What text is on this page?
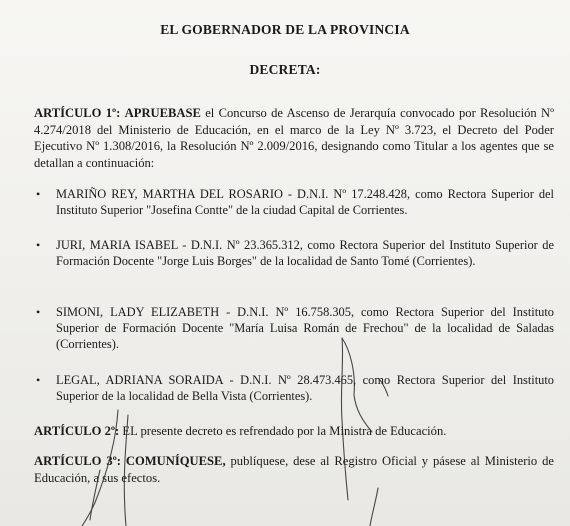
EL GOBERNADOR DE LA PROVINCIA
DECRETA:
ARTÍCULO 1º: APRUEBASE el Concurso de Ascenso de Jerarquía convocado por Resolución Nº 4.274/2018 del Ministerio de Educación, en el marco de la Ley Nº 3.723, el Decreto del Poder Ejecutivo Nº 1.308/2016, la Resolución Nº 2.009/2016, designando como Titular a los agentes que se detallan a continuación:
• MARIÑO REY, MARTHA DEL ROSARIO - D.N.I. Nº 17.248.428, como Rectora Superior del Instituto Superior "Josefina Contte" de la ciudad Capital de Corrientes.
• JURI, MARIA ISABEL - D.N.I. Nº 23.365.312, como Rectora Superior del Instituto Superior de Formación Docente "Jorge Luis Borges" de la localidad de Santo Tomé (Corrientes).
• SIMONI, LADY ELIZABETH - D.N.I. Nº 16.758.305, como Rectora Superior del Instituto Superior de Formación Docente "María Luisa Román de Frechou" de la localidad de Saladas (Corrientes).
• LEGAL, ADRIANA SORAIDA - D.N.I. Nº 28.473.465, como Rectora Superior del Instituto Superior de la localidad de Bella Vista (Corrientes).
ARTÍCULO 2º: EL presente decreto es refrendado por la Ministra de Educación.
ARTÍCULO 3º: COMUNÍQUESE, publíquese, dese al Registro Oficial y pásese al Ministerio de Educación, a sus efectos.
